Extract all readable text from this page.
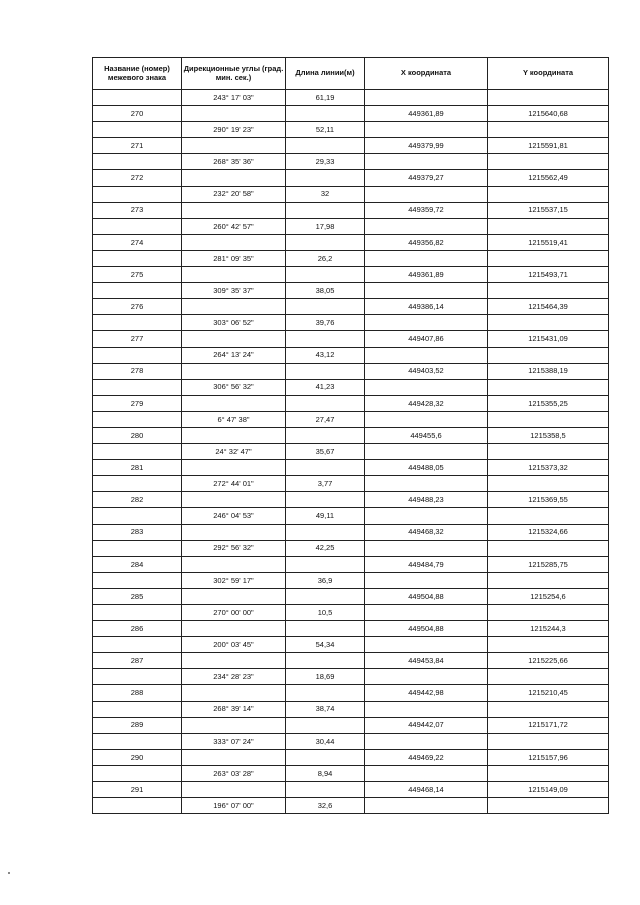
Название (номер) межевого знака	Дирекционные углы (град. мин. сек.)	Длина линии(м)	X координата	Y координата
	243° 17' 03"	61,19		
270			449361,89	1215640,68
	290° 19' 23"	52,11		
271			449379,99	1215591,81
	268° 35' 36"	29,33		
272			449379,27	1215562,49
	232° 20' 58"	32		
273			449359,72	1215537,15
	260° 42' 57"	17,98		
274			449356,82	1215519,41
	281° 09' 35"	26,2		
275			449361,89	1215493,71
	309° 35' 37"	38,05		
276			449386,14	1215464,39
	303° 06' 52"	39,76		
277			449407,86	1215431,09
	264° 13' 24"	43,12		
278			449403,52	1215388,19
	306° 56' 32"	41,23		
279			449428,32	1215355,25
	6° 47' 38"	27,47		
280			449455,6	1215358,5
	24° 32' 47"	35,67		
281			449488,05	1215373,32
	272° 44' 01"	3,77		
282			449488,23	1215369,55
	246° 04' 53"	49,11		
283			449468,32	1215324,66
	292° 56' 32"	42,25		
284			449484,79	1215285,75
	302° 59' 17"	36,9		
285			449504,88	1215254,6
	270° 00' 00"	10,5		
286			449504,88	1215244,3
	200° 03' 45"	54,34		
287			449453,84	1215225,66
	234° 28' 23"	18,69		
288			449442,98	1215210,45
	268° 39' 14"	38,74		
289			449442,07	1215171,72
	333° 07' 24"	30,44		
290			449469,22	1215157,96
	263° 03' 28"	8,94		
291			449468,14	1215149,09
	196° 07' 00"	32,6		
